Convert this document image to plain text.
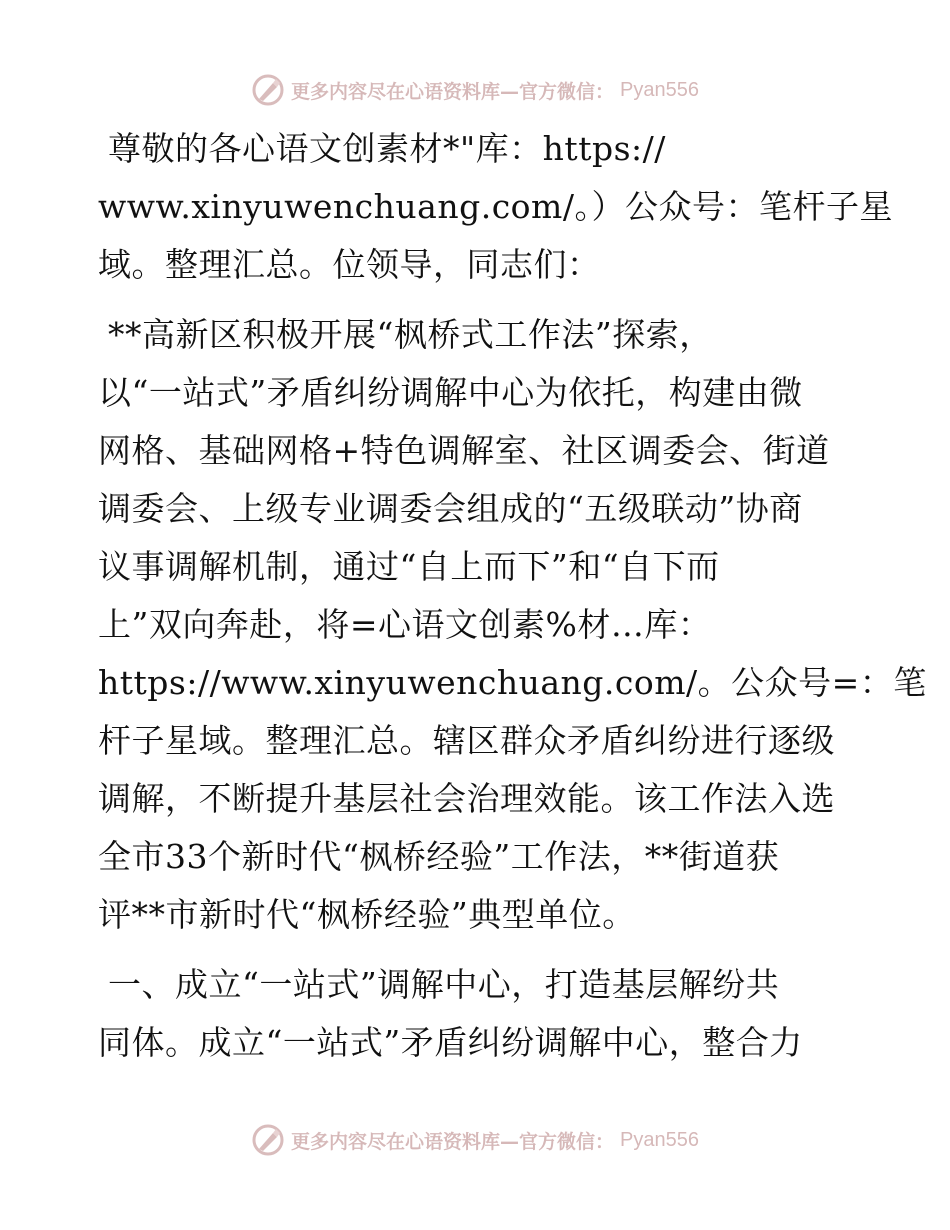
更多内容尽在心语资料库—官方微信： Pyan556
尊敬的各心语文创素材*"库：https://
www.xinyuwenchuang.com/。）公众号：笔杆子星
域。整理汇总。位领导，同志们：
**高新区积极开展“枫桥式工作法”探索，
以“一站式”矛盾纠纷调解中心为依托，构建由微
网格、基础网格+特色调解室、社区调委会、街道
调委会、上级专业调委会组成的“五级联动”协商
议事调解机制，通过“自上而下”和“自下而
上”双向奔赴，将=心语文创素%材…库：
https://www.xinyuwenchuang.com/。公众号=：笔
杆子星域。整理汇总。辖区群众矛盾纠纷进行逐级
调解，不断提升基层社会治理效能。该工作法入选
全市33个新时代“枫桥经验”工作法，**街道获
评**市新时代“枫桥经验”典型单位。
一、成立“一站式”调解中心，打造基层解纷共
同体。成立“一站式”矛盾纠纷调解中心，整合力
更多内容尽在心语资料库—官方微信： Pyan556
